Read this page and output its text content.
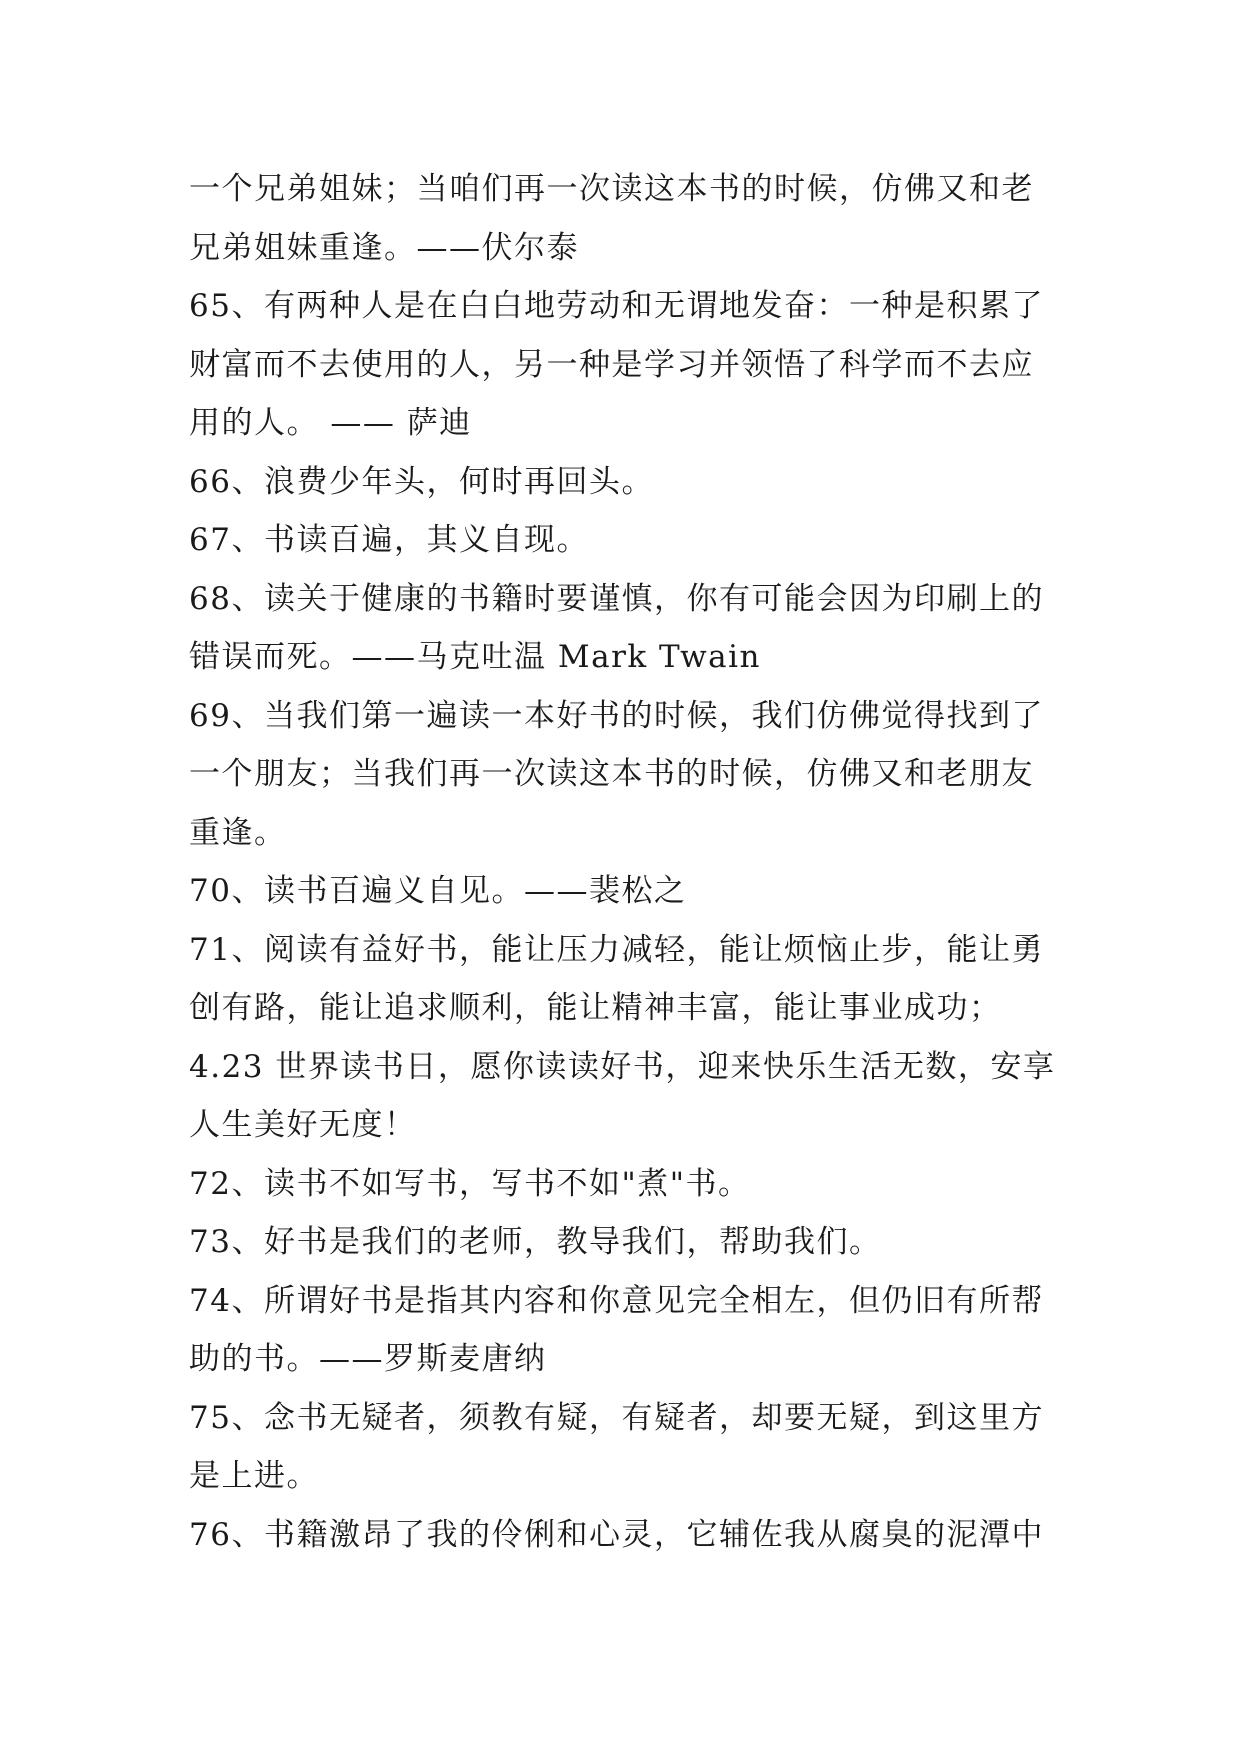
一个兄弟姐妹；当咱们再一次读这本书的时候，仿佛又和老
兄弟姐妹重逢。——伏尔泰
65、有两种人是在白白地劳动和无谓地发奋：一种是积累了
财富而不去使用的人，另一种是学习并领悟了科学而不去应
用的人。 —— 萨迪
66、浪费少年头，何时再回头。
67、书读百遍，其义自现。
68、读关于健康的书籍时要谨慎，你有可能会因为印刷上的
错误而死。——马克吐温 Mark Twain
69、当我们第一遍读一本好书的时候，我们仿佛觉得找到了
一个朋友；当我们再一次读这本书的时候，仿佛又和老朋友
重逢。
70、读书百遍义自见。——裴松之
71、阅读有益好书，能让压力减轻，能让烦恼止步，能让勇
创有路，能让追求顺利，能让精神丰富，能让事业成功；
4.23 世界读书日，愿你读读好书，迎来快乐生活无数，安享
人生美好无度！
72、读书不如写书，写书不如"煮"书。
73、好书是我们的老师，教导我们，帮助我们。
74、所谓好书是指其内容和你意见完全相左，但仍旧有所帮
助的书。——罗斯麦唐纳
75、念书无疑者，须教有疑，有疑者，却要无疑，到这里方
是上进。
76、书籍激昂了我的伶俐和心灵，它辅佐我从腐臭的泥潭中
